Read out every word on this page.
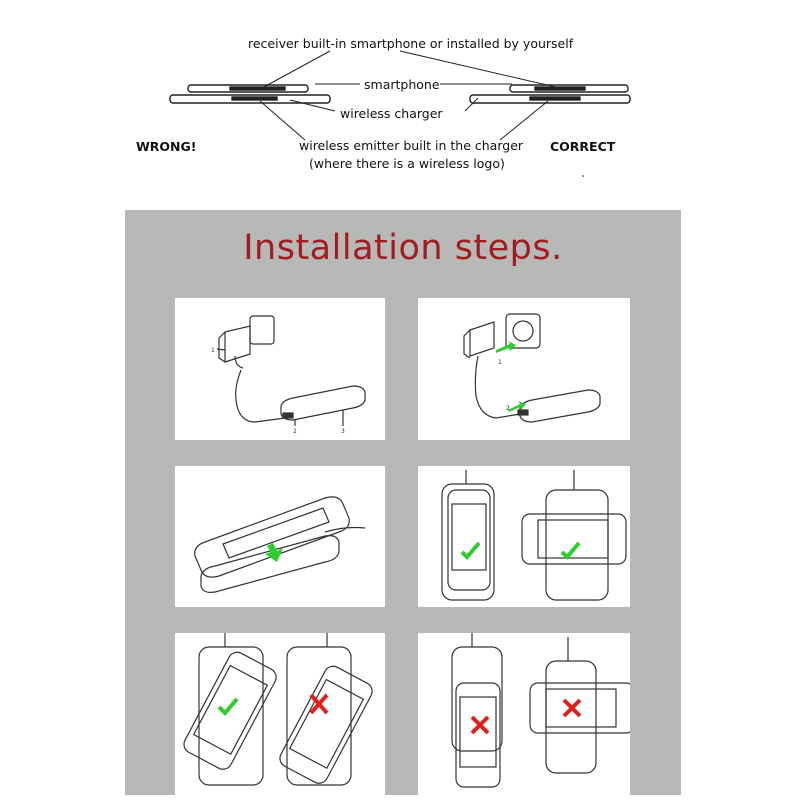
receiver built-in smartphone or installed by yourself
smartphone
wireless charger
wireless emitter built in the charger
(where there is a wireless logo)
WRONG!	CORRECT
Installation steps.
1
2	3
1
2
